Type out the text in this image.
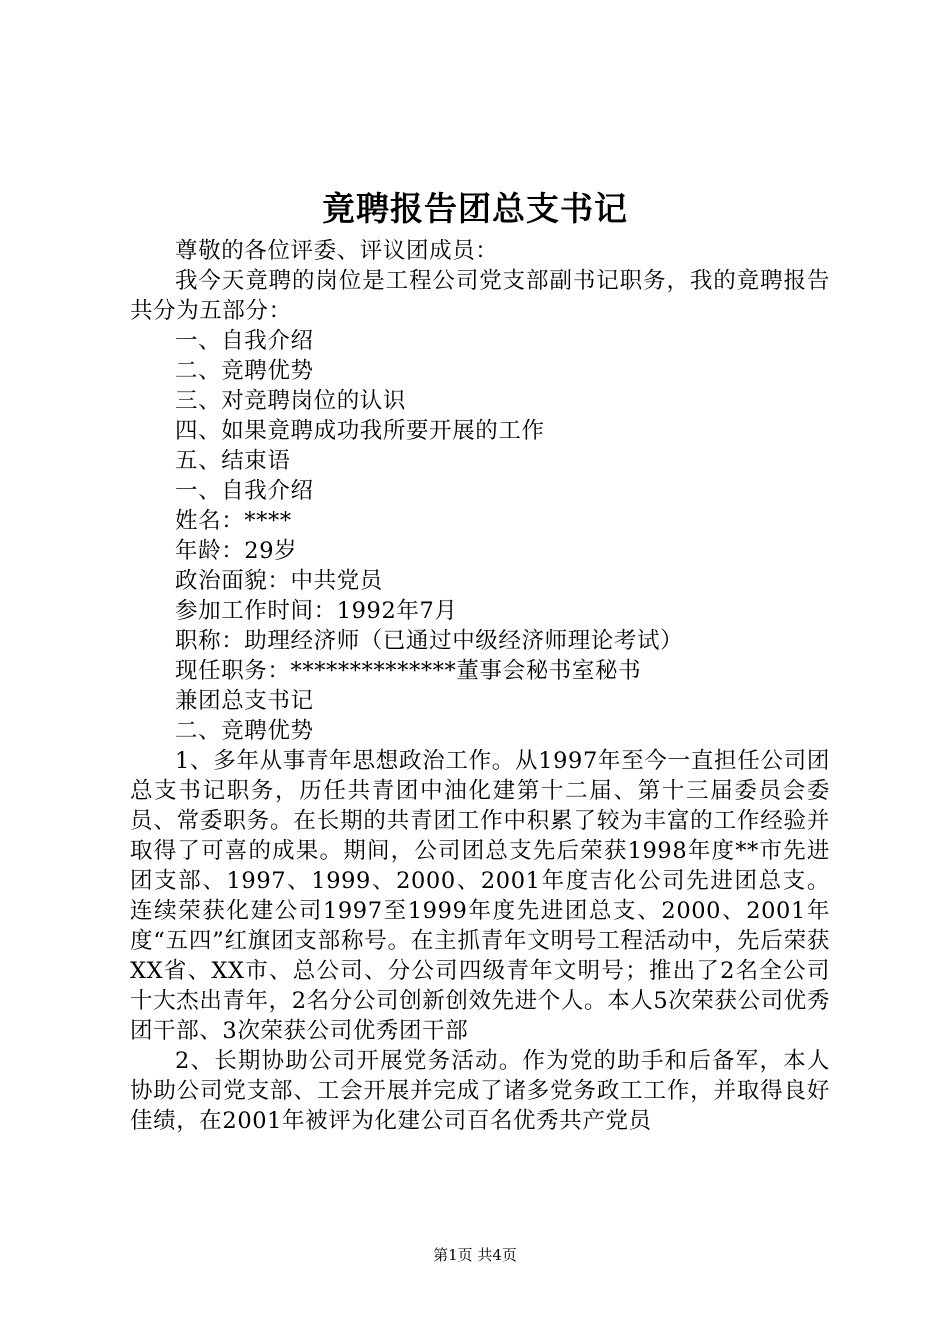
竟聘报告团总支书记

尊敬的各位评委、评议团成员：

我今天竟聘的岗位是工程公司党支部副书记职务，我的竟聘报告共分为五部分：

一、自我介绍

二、竞聘优势

三、对竞聘岗位的认识

四、如果竟聘成功我所要开展的工作

五、结束语

一、自我介绍

姓名：****

年龄：29岁

政治面貌：中共党员

参加工作时间：1992年7月

职称：助理经济师（已通过中级经济师理论考试）

现任职务：**************董事会秘书室秘书

兼团总支书记

二、竞聘优势

1、多年从事青年思想政治工作。从1997年至今一直担任公司团总支书记职务，历任共青团中油化建第十二届、第十三届委员会委员、常委职务。在长期的共青团工作中积累了较为丰富的工作经验并取得了可喜的成果。期间，公司团总支先后荣获1998年度**市先进团支部、1997、1999、2000、2001年度吉化公司先进团总支。连续荣获化建公司1997至1999年度先进团总支、2000、2001年度“五四”红旗团支部称号。在主抓青年文明号工程活动中，先后荣获XX省、XX市、总公司、分公司四级青年文明号；推出了2名全公司十大杰出青年，2名分公司创新创效先进个人。本人5次荣获公司优秀团干部、3次荣获公司优秀团干部

2、长期协助公司开展党务活动。作为党的助手和后备军，本人协助公司党支部、工会开展并完成了诸多党务政工工作，并取得良好佳绩，在2001年被评为化建公司百名优秀共产党员

第1页 共4页
